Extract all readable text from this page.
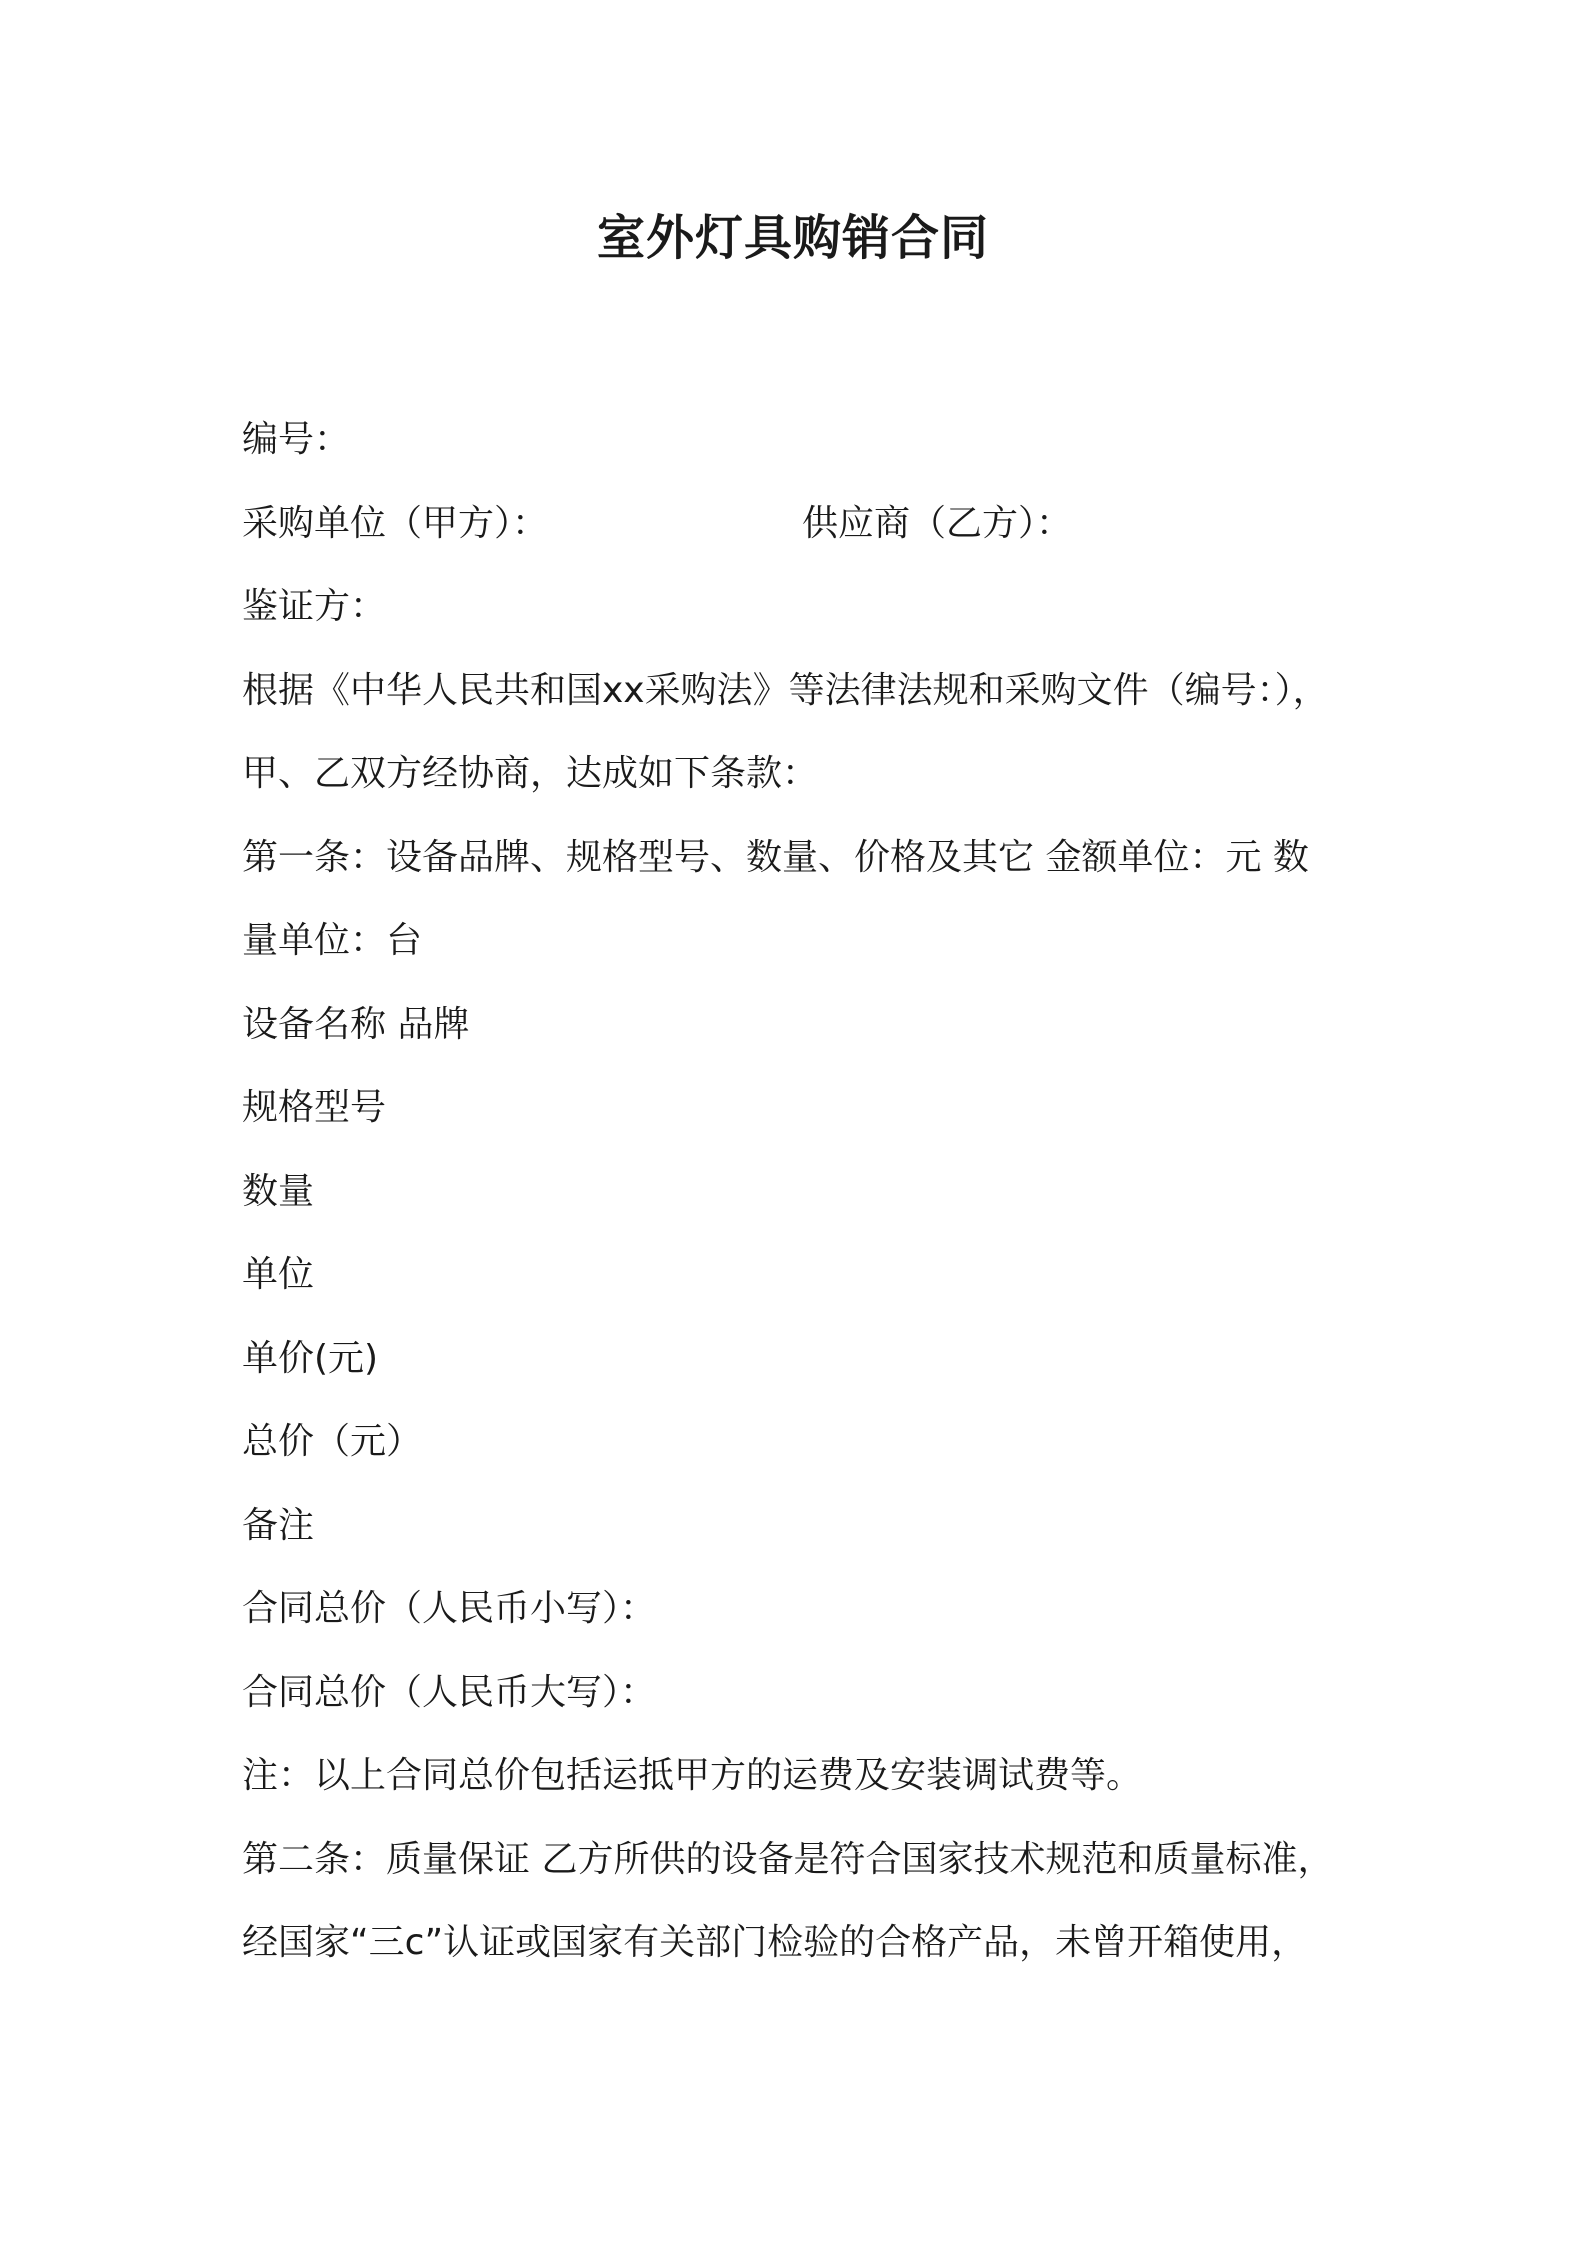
室外灯具购销合同
编号：
采购单位（甲方）：	供应商（乙方）：
鉴证方：
根据《中华人民共和国xx采购法》等法律法规和采购文件（编号：），
甲、乙双方经协商，达成如下条款：
第一条：设备品牌、规格型号、数量、价格及其它 金额单位：元 数
量单位：台
设备名称 品牌
规格型号
数量
单位
单价(元)
总价（元）
备注
合同总价（人民币小写）：
合同总价（人民币大写）：
注：以上合同总价包括运抵甲方的运费及安装调试费等。
第二条：质量保证 乙方所供的设备是符合国家技术规范和质量标准，
经国家“三c”认证或国家有关部门检验的合格产品，未曾开箱使用，
